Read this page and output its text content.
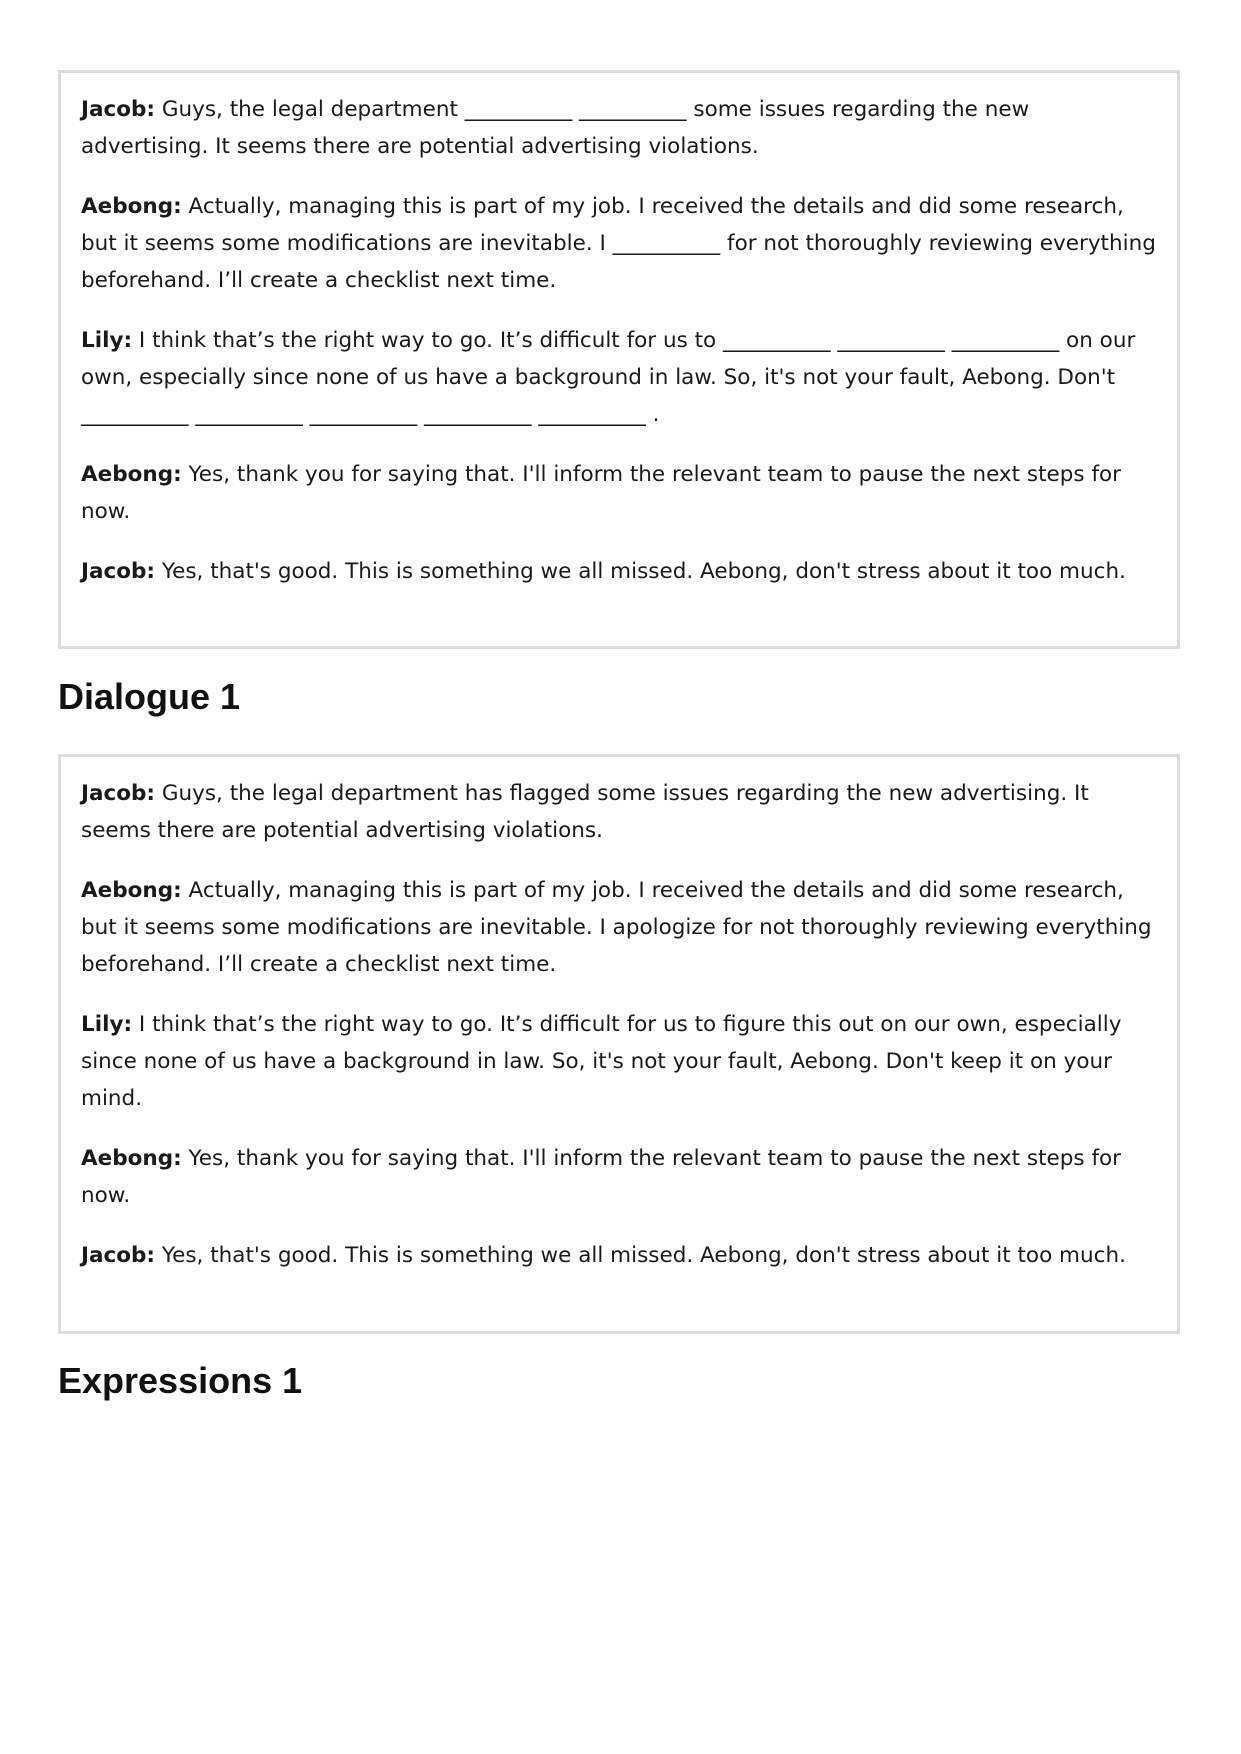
Jacob: Guys, the legal department __________ __________ some issues regarding the new advertising. It seems there are potential advertising violations.

Aebong: Actually, managing this is part of my job. I received the details and did some research, but it seems some modifications are inevitable. I __________ for not thoroughly reviewing everything beforehand. I’ll create a checklist next time.

Lily: I think that’s the right way to go. It’s difficult for us to __________ __________ __________ on our own, especially since none of us have a background in law. So, it's not your fault, Aebong. Don't __________ __________ __________ __________ __________ .

Aebong: Yes, thank you for saying that. I'll inform the relevant team to pause the next steps for now.

Jacob: Yes, that's good. This is something we all missed. Aebong, don't stress about it too much.

Dialogue 1

Jacob: Guys, the legal department has flagged some issues regarding the new advertising. It seems there are potential advertising violations.

Aebong: Actually, managing this is part of my job. I received the details and did some research, but it seems some modifications are inevitable. I apologize for not thoroughly reviewing everything beforehand. I’ll create a checklist next time.

Lily: I think that’s the right way to go. It’s difficult for us to figure this out on our own, especially since none of us have a background in law. So, it's not your fault, Aebong. Don't keep it on your mind.

Aebong: Yes, thank you for saying that. I'll inform the relevant team to pause the next steps for now.

Jacob: Yes, that's good. This is something we all missed. Aebong, don't stress about it too much.

Expressions 1
